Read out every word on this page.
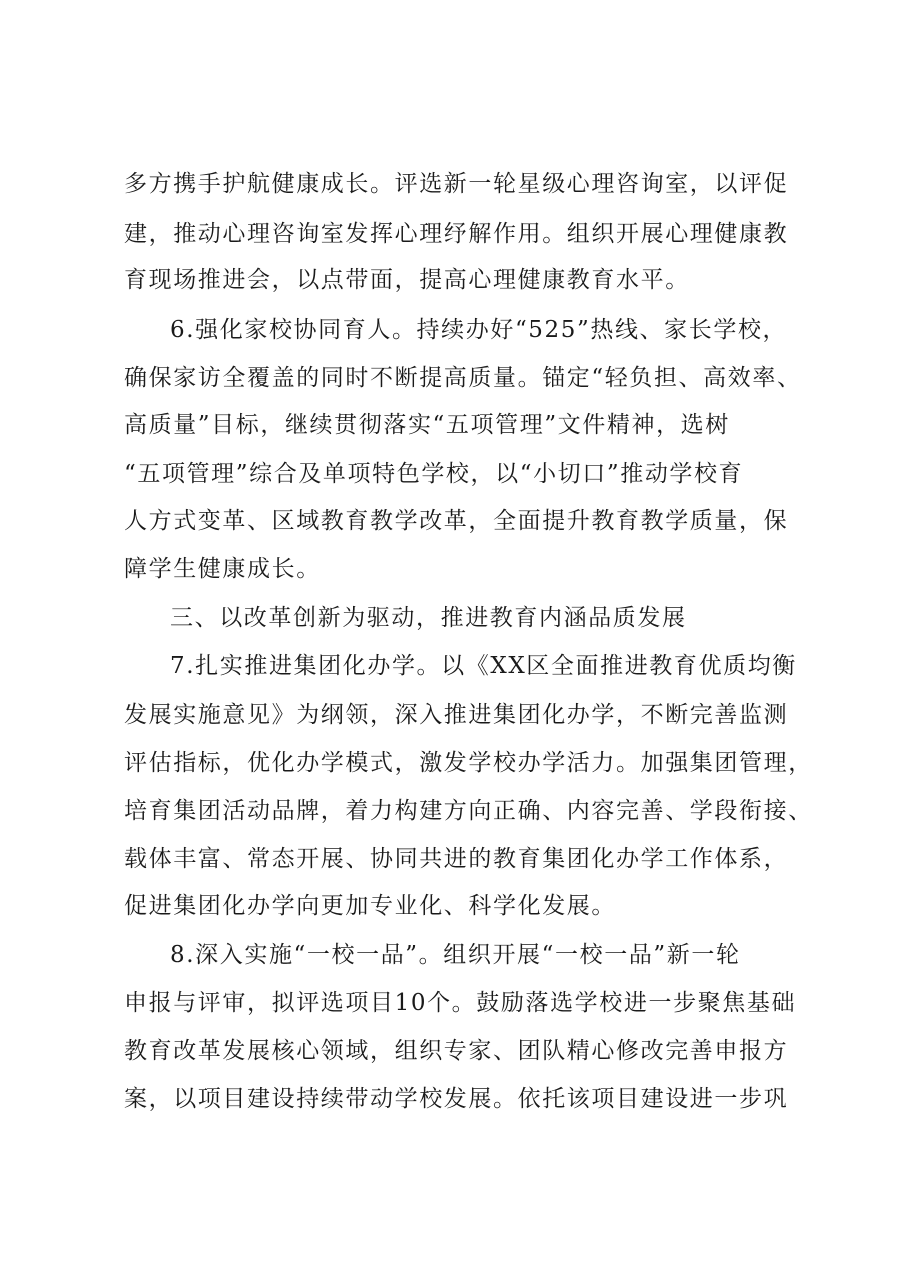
多方携手护航健康成长。评选新一轮星级心理咨询室，以评促

建，推动心理咨询室发挥心理纾解作用。组织开展心理健康教

育现场推进会，以点带面，提高心理健康教育水平。

6.强化家校协同育人。持续办好“525”热线、家长学校，

确保家访全覆盖的同时不断提高质量。锚定“轻负担、高效率、

高质量”目标，继续贯彻落实“五项管理”文件精神，选树

“五项管理”综合及单项特色学校，以“小切口”推动学校育

人方式变革、区域教育教学改革，全面提升教育教学质量，保

障学生健康成长。

三、以改革创新为驱动，推进教育内涵品质发展

7.扎实推进集团化办学。以《XX区全面推进教育优质均衡

发展实施意见》为纲领，深入推进集团化办学，不断完善监测

评估指标，优化办学模式，激发学校办学活力。加强集团管理，

培育集团活动品牌，着力构建方向正确、内容完善、学段衔接、

载体丰富、常态开展、协同共进的教育集团化办学工作体系，

促进集团化办学向更加专业化、科学化发展。

8.深入实施“一校一品”。组织开展“一校一品”新一轮

申报与评审，拟评选项目10个。鼓励落选学校进一步聚焦基础

教育改革发展核心领域，组织专家、团队精心修改完善申报方

案，以项目建设持续带动学校发展。依托该项目建设进一步巩
